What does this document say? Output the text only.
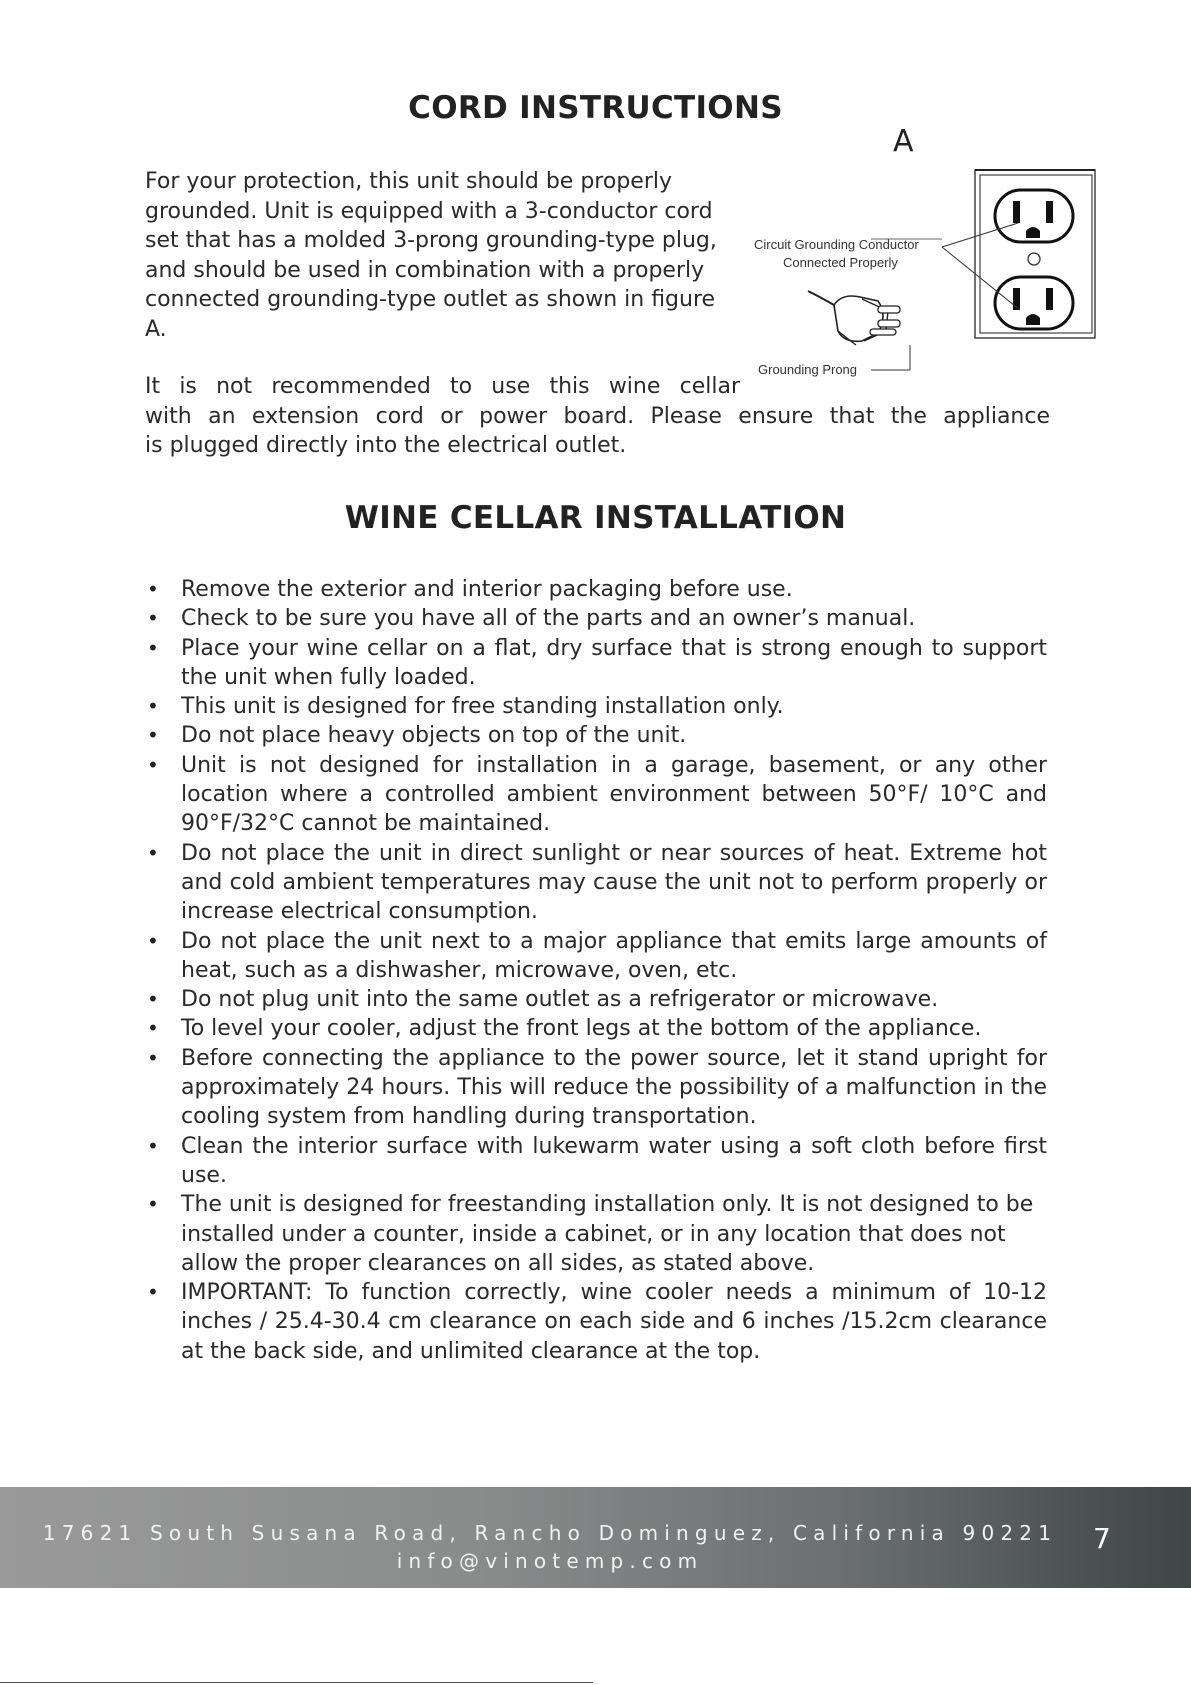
CORD INSTRUCTIONS
A

For your protection, this unit should be properly grounded. Unit is equipped with a 3-conductor cord set that has a molded 3-prong grounding-type plug, and should be used in combination with a properly connected grounding-type outlet as shown in figure A.

Circuit Grounding Conductor
Connected Properly
Grounding Prong

It is not recommended to use this wine cellar
with an extension cord or power board. Please ensure that the appliance
is plugged directly into the electrical outlet.

WINE CELLAR INSTALLATION
• Remove the exterior and interior packaging before use.
• Check to be sure you have all of the parts and an owner’s manual.
• Place your wine cellar on a flat, dry surface that is strong enough to support the unit when fully loaded.
• This unit is designed for free standing installation only.
• Do not place heavy objects on top of the unit.
• Unit is not designed for installation in a garage, basement, or any other location where a controlled ambient environment between 50°F/ 10°C and 90°F/32°C cannot be maintained.
• Do not place the unit in direct sunlight or near sources of heat. Extreme hot and cold ambient temperatures may cause the unit not to perform properly or increase electrical consumption.
• Do not place the unit next to a major appliance that emits large amounts of heat, such as a dishwasher, microwave, oven, etc.
• Do not plug unit into the same outlet as a refrigerator or microwave.
• To level your cooler, adjust the front legs at the bottom of the appliance.
• Before connecting the appliance to the power source, let it stand upright for approximately 24 hours. This will reduce the possibility of a malfunction in the cooling system from handling during transportation.
• Clean the interior surface with lukewarm water using a soft cloth before first use.
• The unit is designed for freestanding installation only. It is not designed to be installed under a counter, inside a cabinet, or in any location that does not allow the proper clearances on all sides, as stated above.
• IMPORTANT: To function correctly, wine cooler needs a minimum of 10-12 inches / 25.4-30.4 cm clearance on each side and 6 inches /15.2cm clearance at the back side, and unlimited clearance at the top.
17621 South Susana Road, Rancho Dominguez, California 90221
info@vinotemp.com
7
